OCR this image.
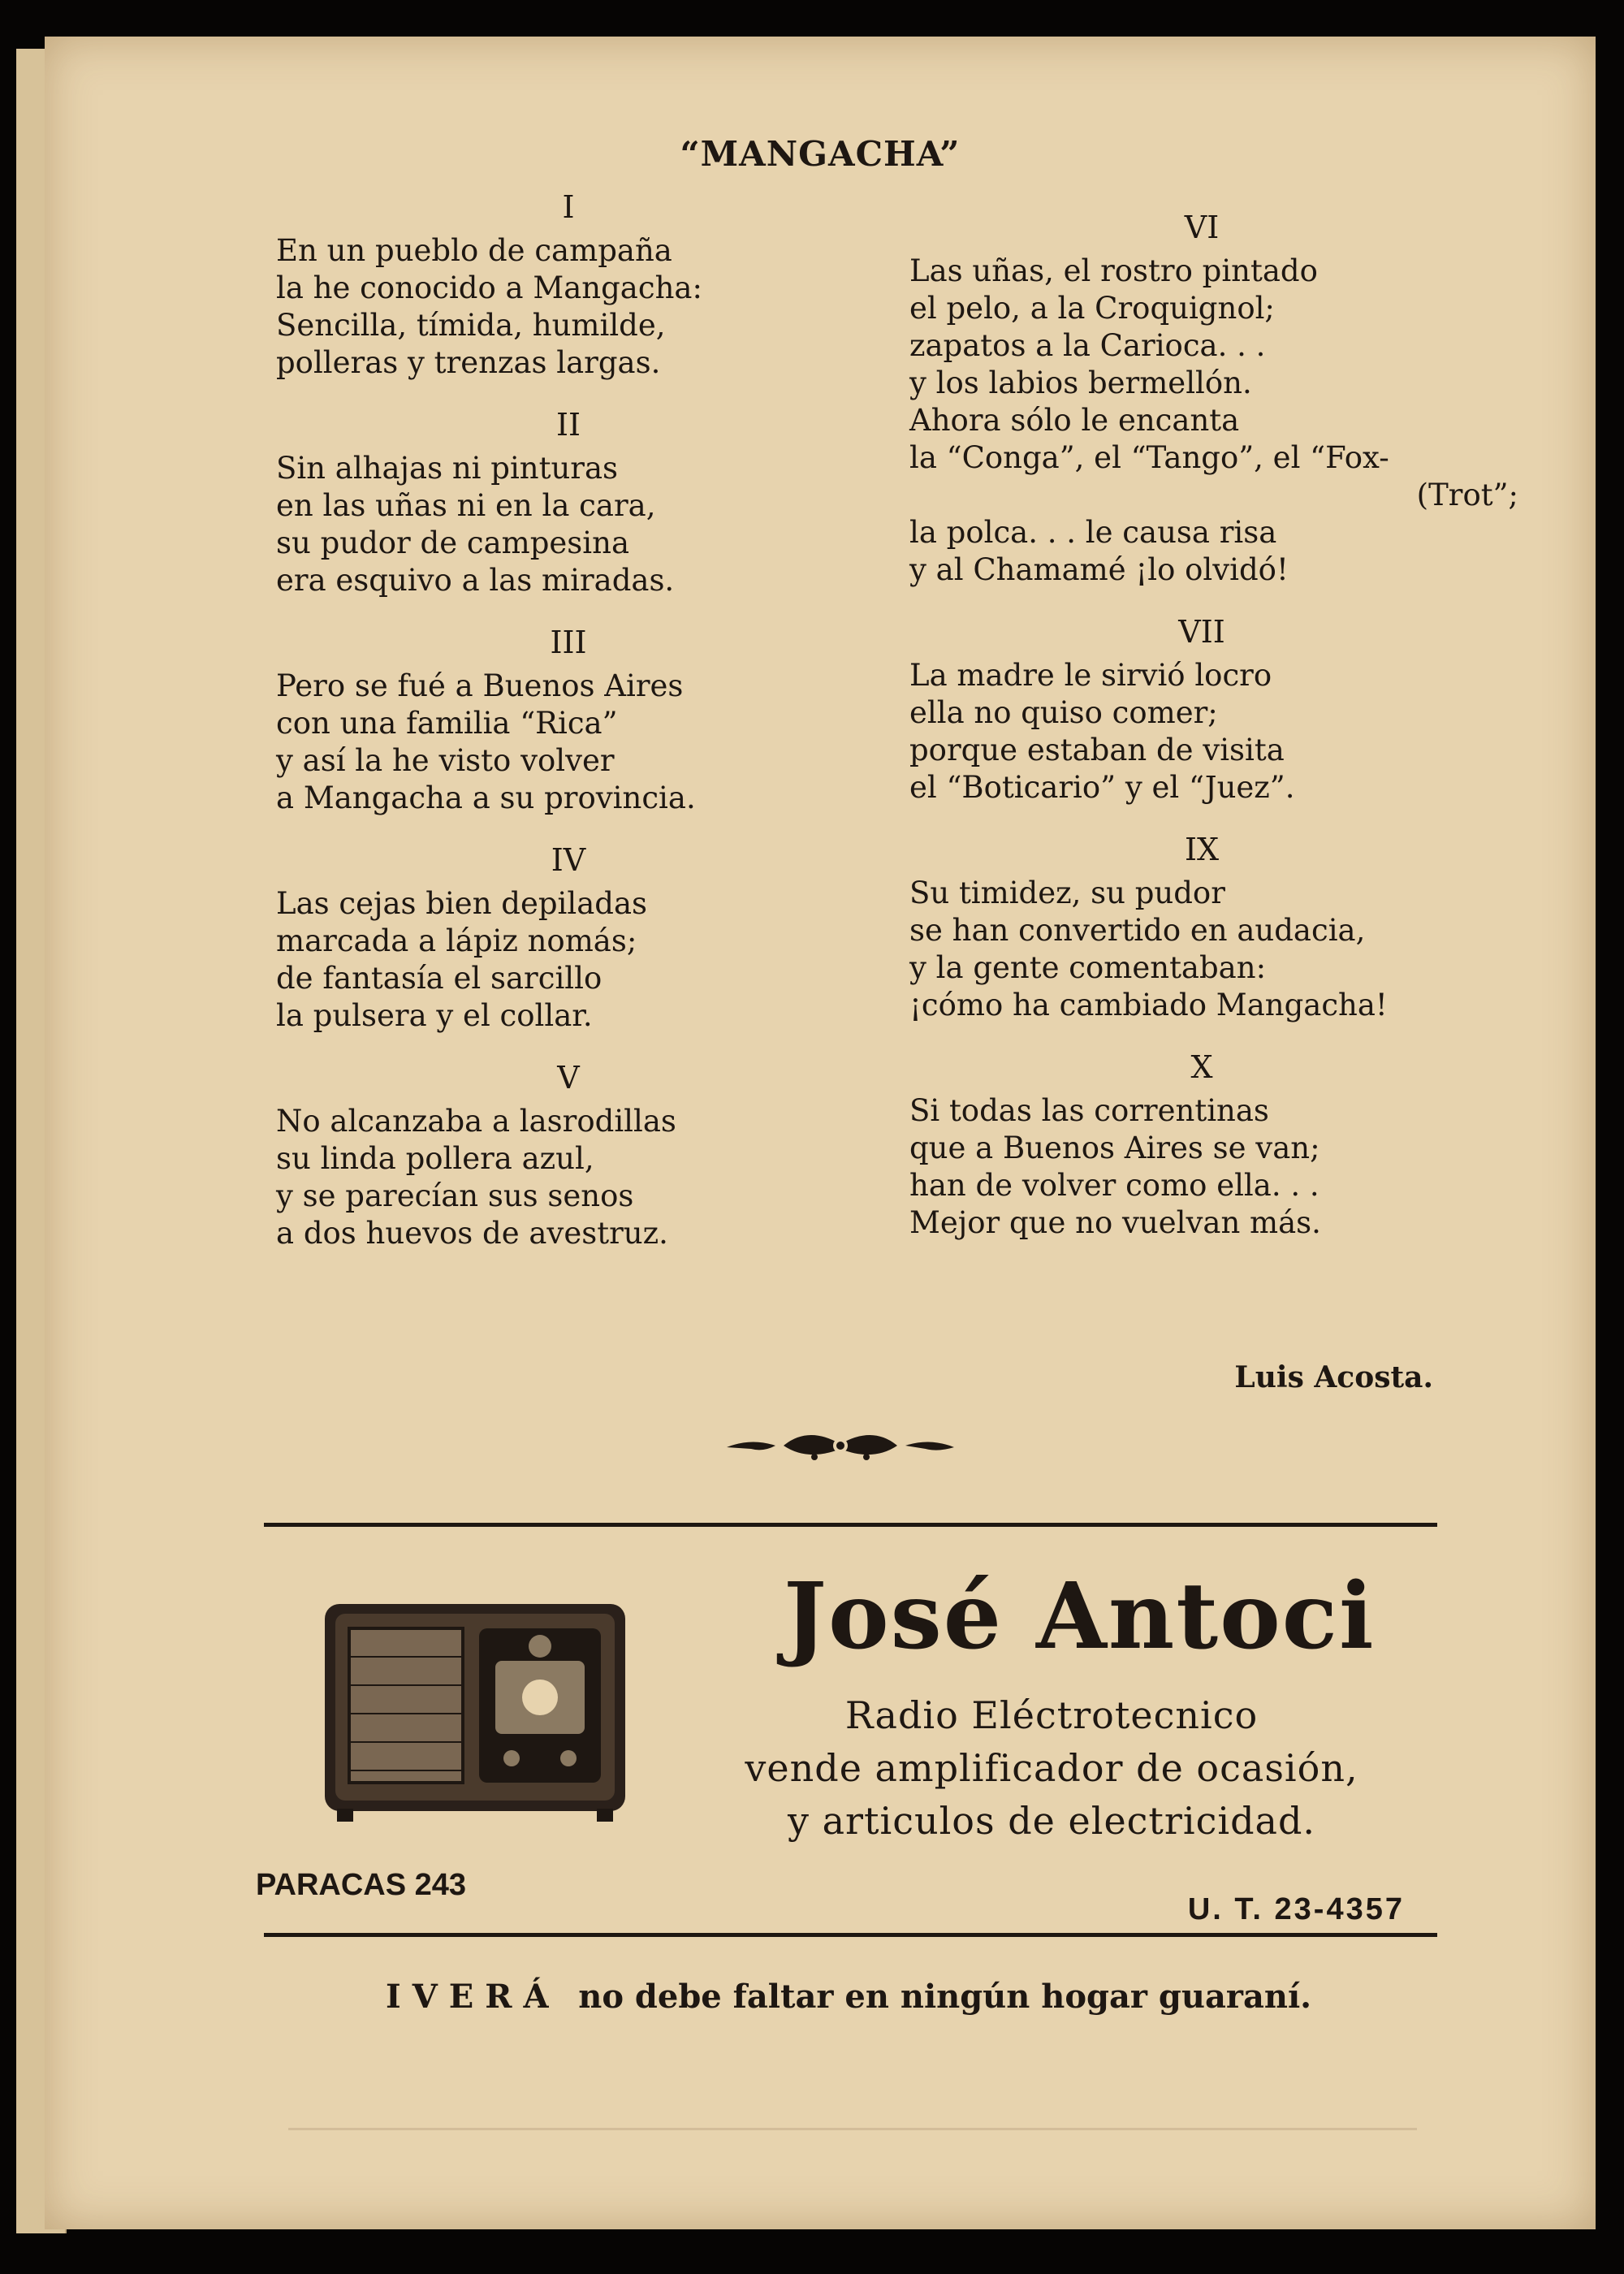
“MANGACHA”
I
En un pueblo de campaña
la he conocido a Mangacha:
Sencilla, tímida, humilde,
polleras y trenzas largas.
II
Sin alhajas ni pinturas
en las uñas ni en la cara,
su pudor de campesina
era esquivo a las miradas.
III
Pero se fué a Buenos Aires
con una familia “Rica”
y así la he visto volver
a Mangacha a su provincia.
IV
Las cejas bien depiladas
marcada a lápiz nomás;
de fantasía el sarcillo
la pulsera y el collar.
V
No alcanzaba a lasrodillas
su linda pollera azul,
y se parecían sus senos
a dos huevos de avestruz.
VI
Las uñas, el rostro pintado
el pelo, a la Croquignol;
zapatos a la Carioca. . .
y los labios bermellón.
Ahora sólo le encanta
la “Conga”, el “Tango”, el “Fox-
(Trot”;
la polca. . . le causa risa
y al Chamamé ¡lo olvidó!
VII
La madre le sirvió locro
ella no quiso comer;
porque estaban de visita
el “Boticario” y el “Juez”.
IX
Su timidez, su pudor
se han convertido en audacia,
y la gente comentaban:
¡cómo ha cambiado Mangacha!
X
Si todas las correntinas
que a Buenos Aires se van;
han de volver como ella. . .
Mejor que no vuelvan más.
Luis Acosta.
José Antoci
Radio Eléctrotecnico
vende amplificador de ocasión,
y articulos de electricidad.
PARACAS 243
U. T. 23-4357
IVERÁ no debe faltar en ningún hogar guaraní.
